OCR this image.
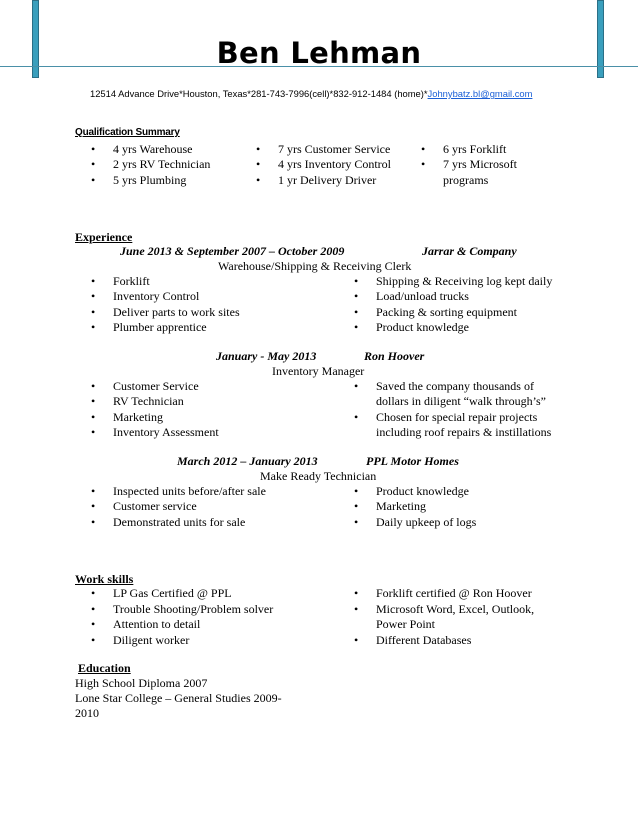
Ben Lehman
12514 Advance Drive*Houston, Texas*281-743-7996(cell)*832-912-1484 (home)*Johnybatz.bl@gmail.com
Qualification Summary
• 4 yrs Warehouse
• 2 yrs RV Technician
• 5 yrs Plumbing
• 7 yrs Customer Service
• 4 yrs Inventory Control
• 1 yr Delivery Driver
• 6 yrs Forklift
• 7 yrs Microsoft programs
Experience
June 2013 & September 2007 – October 2009	Jarrar & Company
Warehouse/Shipping & Receiving Clerk
• Forklift
• Inventory Control
• Deliver parts to work sites
• Plumber apprentice
• Shipping & Receiving log kept daily
• Load/unload trucks
• Packing & sorting equipment
• Product knowledge
January - May 2013	Ron Hoover
Inventory Manager
• Customer Service
• RV Technician
• Marketing
• Inventory Assessment
• Saved the company thousands of dollars in diligent “walk through’s”
• Chosen for special repair projects including roof repairs & instillations
March 2012 – January 2013	PPL Motor Homes
Make Ready Technician
• Inspected units before/after sale
• Customer service
• Demonstrated units for sale
• Product knowledge
• Marketing
• Daily upkeep of logs
Work skills
• LP Gas Certified @ PPL
• Trouble Shooting/Problem solver
• Attention to detail
• Diligent worker
• Forklift certified @ Ron Hoover
• Microsoft Word, Excel, Outlook, Power Point
• Different Databases
Education
High School Diploma 2007
Lone Star College – General Studies 2009-
2010
